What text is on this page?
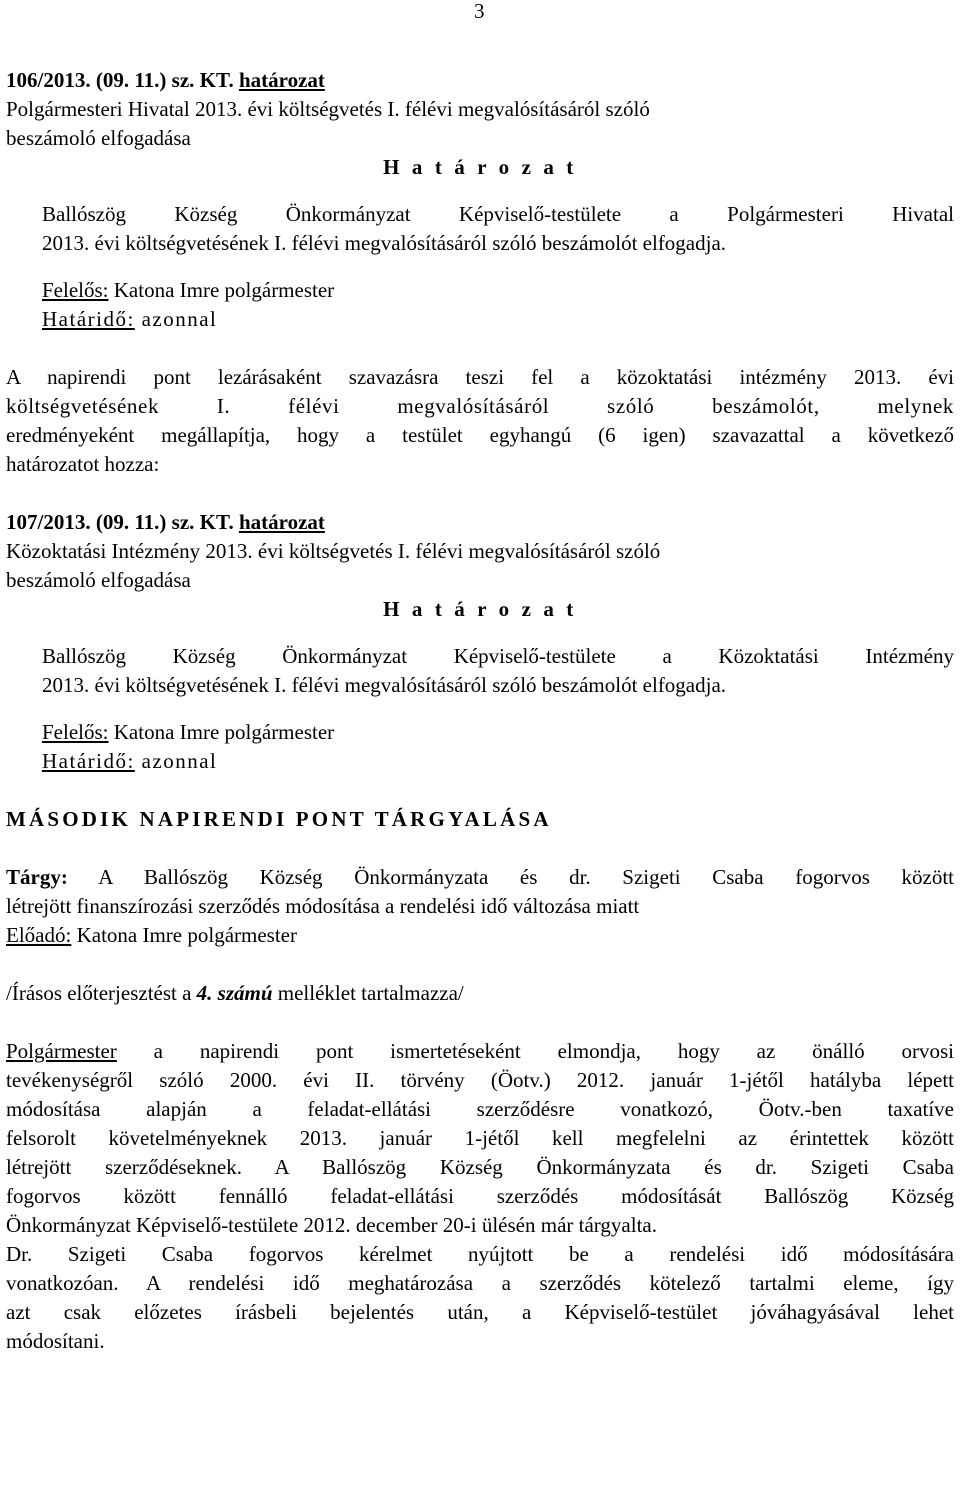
3
106/2013. (09. 11.) sz. KT. határozat
Polgármesteri Hivatal 2013. évi költségvetés I. félévi megvalósításáról szóló
beszámoló elfogadása
H a t á r o z a t
Ballószög Község Önkormányzat Képviselő-testülete a Polgármesteri Hivatal
2013. évi költségvetésének I. félévi megvalósításáról szóló beszámolót elfogadja.
Felelős: Katona Imre polgármester
Határidő: azonnal
A napirendi pont lezárásaként szavazásra teszi fel a közoktatási intézmény 2013. évi
költségvetésének I. félévi megvalósításáról szóló beszámolót, melynek
eredményeként megállapítja, hogy a testület egyhangú (6 igen) szavazattal a következő
határozatot hozza:
107/2013. (09. 11.) sz. KT. határozat
Közoktatási Intézmény 2013. évi költségvetés I. félévi megvalósításáról szóló
beszámoló elfogadása
H a t á r o z a t
Ballószög Község Önkormányzat Képviselő-testülete a Közoktatási Intézmény
2013. évi költségvetésének I. félévi megvalósításáról szóló beszámolót elfogadja.
Felelős: Katona Imre polgármester
Határidő: azonnal
MÁSODIK NAPIRENDI PONT TÁRGYALÁSA
Tárgy: A Ballószög Község Önkormányzata és dr. Szigeti Csaba fogorvos között
létrejött finanszírozási szerződés módosítása a rendelési idő változása miatt
Előadó: Katona Imre polgármester
/Írásos előterjesztést a 4. számú melléklet tartalmazza/
Polgármester a napirendi pont ismertetéseként elmondja, hogy az önálló orvosi
tevékenységről szóló 2000. évi II. törvény (Öotv.) 2012. január 1-jétől hatályba lépett
módosítása alapján a feladat-ellátási szerződésre vonatkozó, Öotv.-ben taxatíve
felsorolt követelményeknek 2013. január 1-jétől kell megfelelni az érintettek között
létrejött szerződéseknek. A Ballószög Község Önkormányzata és dr. Szigeti Csaba
fogorvos között fennálló feladat-ellátási szerződés módosítását Ballószög Község
Önkormányzat Képviselő-testülete 2012. december 20-i ülésén már tárgyalta.
Dr. Szigeti Csaba fogorvos kérelmet nyújtott be a rendelési idő módosítására
vonatkozóan. A rendelési idő meghatározása a szerződés kötelező tartalmi eleme, így
azt csak előzetes írásbeli bejelentés után, a Képviselő-testület jóváhagyásával lehet
módosítani.
